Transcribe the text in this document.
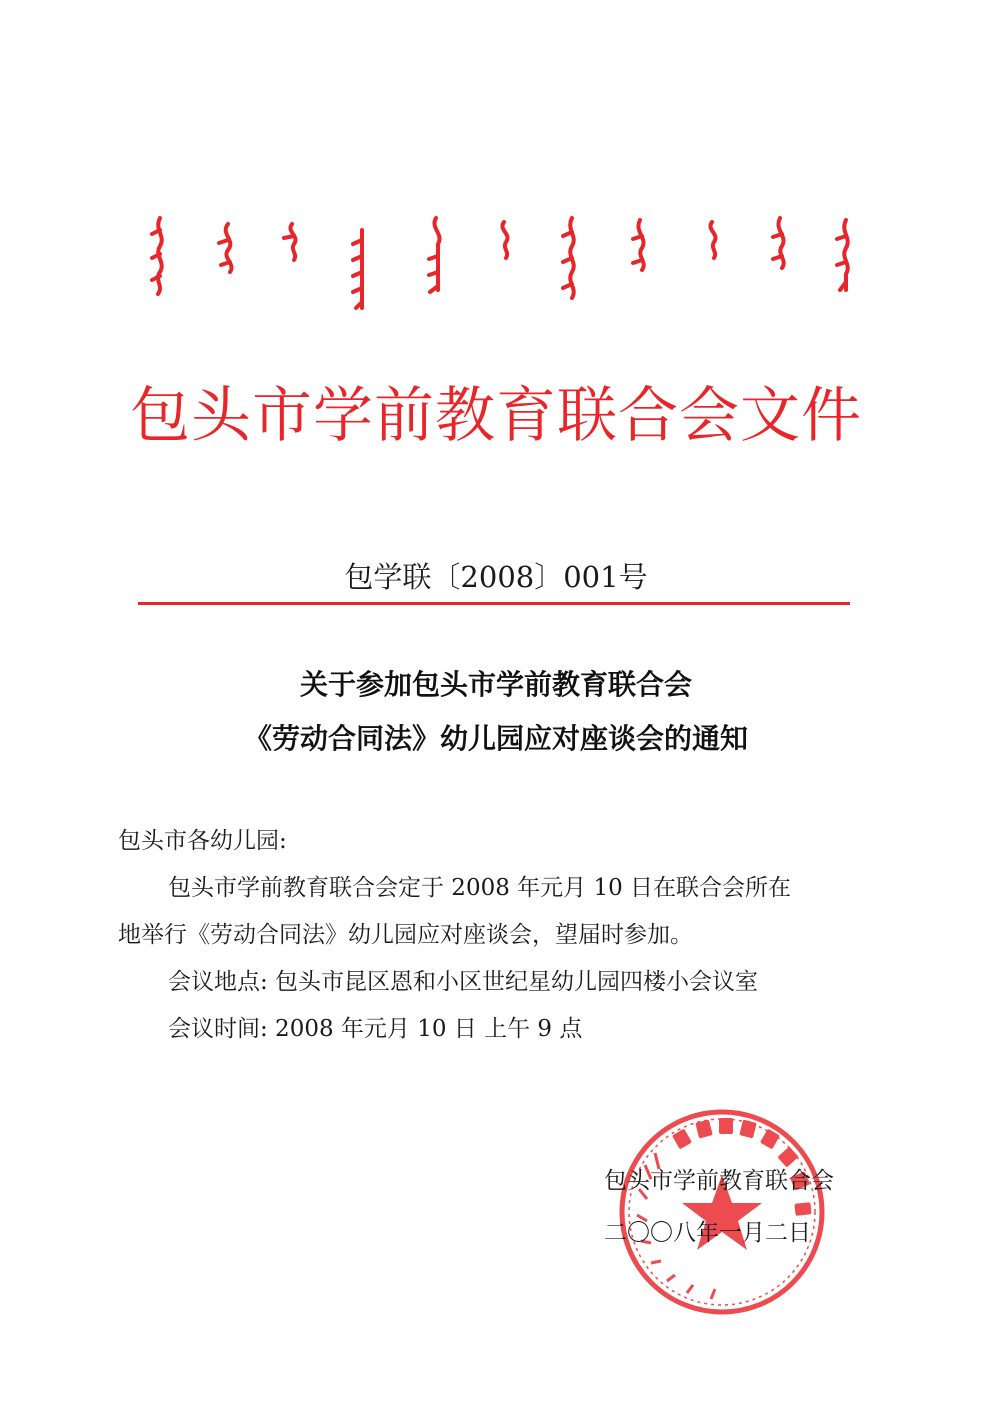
包头市学前教育联合会文件
包学联〔2008〕001号
关于参加包头市学前教育联合会
《劳动合同法》幼儿园应对座谈会的通知
包头市各幼儿园:
包头市学前教育联合会定于 2008 年元月 10 日在联合会所在
地举行《劳动合同法》幼儿园应对座谈会，望届时参加。
会议地点: 包头市昆区恩和小区世纪星幼儿园四楼小会议室
会议时间: 2008 年元月 10 日 上午 9 点
包头市学前教育联合会
二〇〇八年一月二日
